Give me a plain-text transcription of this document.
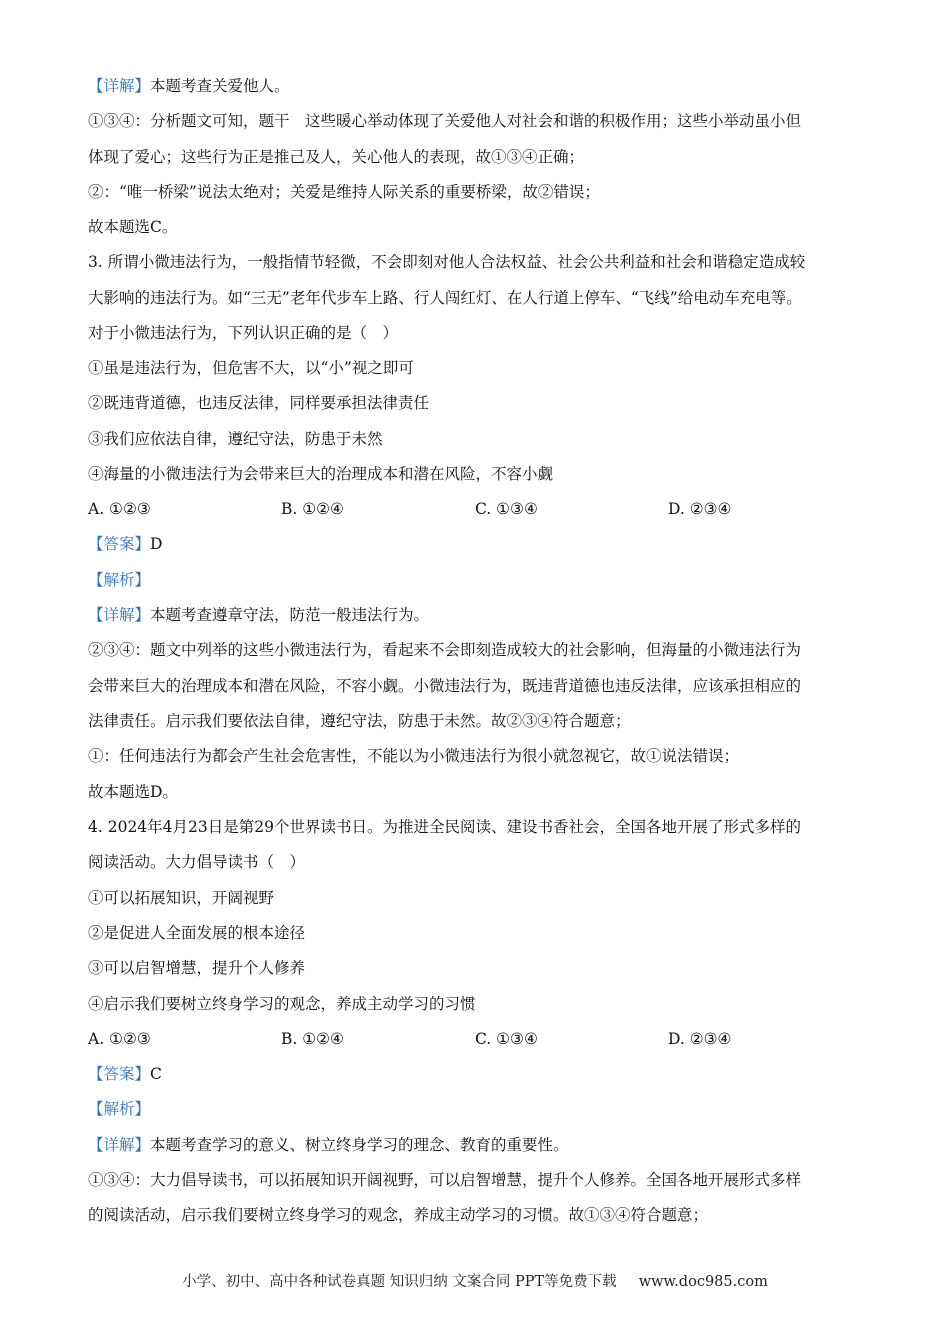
【详解】本题考查关爱他人。
①③④：分析题文可知，题干　这些暖心举动体现了关爱他人对社会和谐的积极作用；这些小举动虽小但
体现了爱心；这些行为正是推己及人，关心他人的表现，故①③④正确；
②：“唯一桥梁”说法太绝对；关爱是维持人际关系的重要桥梁，故②错误；
故本题选C。
3. 所谓小微违法行为，一般指情节轻微，不会即刻对他人合法权益、社会公共利益和社会和谐稳定造成较
大影响的违法行为。如“三无”老年代步车上路、行人闯红灯、在人行道上停车、“飞线”给电动车充电等。
对于小微违法行为，下列认识正确的是（　）
①虽是违法行为，但危害不大，以“小”视之即可
②既违背道德，也违反法律，同样要承担法律责任
③我们应依法自律，遵纪守法，防患于未然
④海量的小微违法行为会带来巨大的治理成本和潜在风险，不容小觑
A. ①②③	B. ①②④	C. ①③④	D. ②③④
【答案】D
【解析】
【详解】本题考查遵章守法，防范一般违法行为。
②③④：题文中列举的这些小微违法行为，看起来不会即刻造成较大的社会影响，但海量的小微违法行为
会带来巨大的治理成本和潜在风险，不容小觑。小微违法行为，既违背道德也违反法律，应该承担相应的
法律责任。启示我们要依法自律，遵纪守法，防患于未然。故②③④符合题意；
①：任何违法行为都会产生社会危害性，不能以为小微违法行为很小就忽视它，故①说法错误；
故本题选D。
4. 2024年4月23日是第29个世界读书日。为推进全民阅读、建设书香社会，全国各地开展了形式多样的
阅读活动。大力倡导读书（　）
①可以拓展知识，开阔视野
②是促进人全面发展的根本途径
③可以启智增慧，提升个人修养
④启示我们要树立终身学习的观念，养成主动学习的习惯
A. ①②③	B. ①②④	C. ①③④	D. ②③④
【答案】C
【解析】
【详解】本题考查学习的意义、树立终身学习的理念、教育的重要性。
①③④：大力倡导读书，可以拓展知识开阔视野，可以启智增慧，提升个人修养。全国各地开展形式多样
的阅读活动，启示我们要树立终身学习的观念，养成主动学习的习惯。故①③④符合题意；
小学、初中、高中各种试卷真题 知识归纳 文案合同 PPT等免费下载 www.doc985.com
